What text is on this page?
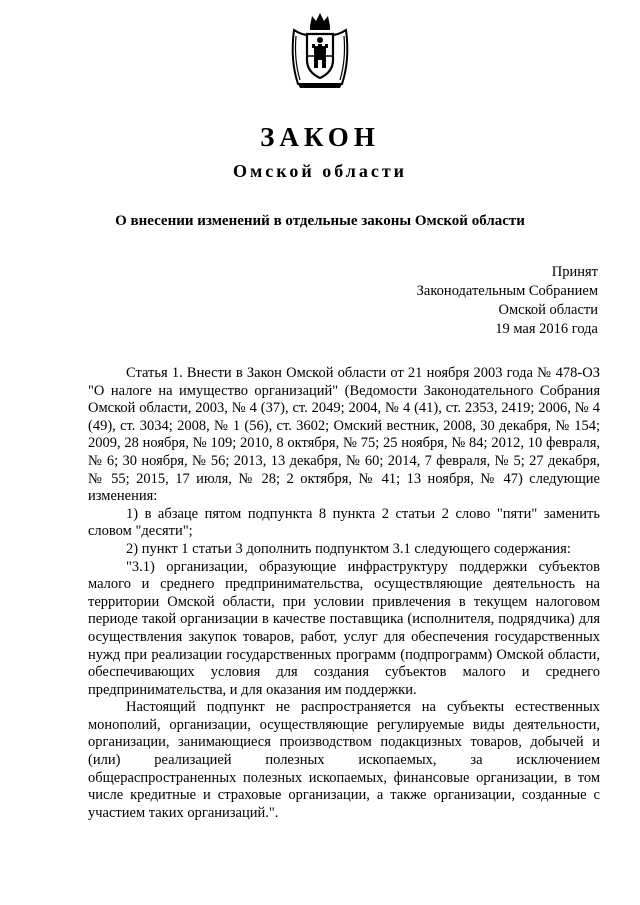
ЗАКОН
Омской области
О внесении изменений в отдельные законы Омской области
Принят
Законодательным Собранием
Омской области
19 мая 2016 года

Статья 1. Внести в Закон Омской области от 21 ноября 2003 года № 478-ОЗ "О налоге на имущество организаций" (Ведомости Законодательного Собрания Омской области, 2003, № 4 (37), ст. 2049; 2004, № 4 (41), ст. 2353, 2419; 2006, № 4 (49), ст. 3034; 2008, № 1 (56), ст. 3602; Омский вестник, 2008, 30 декабря, № 154; 2009, 28 ноября, № 109; 2010, 8 октября, № 75; 25 ноября, № 84; 2012, 10 февраля, № 6; 30 ноября, № 56; 2013, 13 декабря, № 60; 2014, 7 февраля, № 5; 27 декабря, № 55; 2015, 17 июля, № 28; 2 октября, № 41; 13 ноября, № 47) следующие изменения:

1) в абзаце пятом подпункта 8 пункта 2 статьи 2 слово "пяти" заменить словом "десяти";

2) пункт 1 статьи 3 дополнить подпунктом 3.1 следующего содержания:

"3.1) организации, образующие инфраструктуру поддержки субъектов малого и среднего предпринимательства, осуществляющие деятельность на территории Омской области, при условии привлечения в текущем налоговом периоде такой организации в качестве поставщика (исполнителя, подрядчика) для осуществления закупок товаров, работ, услуг для обеспечения государственных нужд при реализации государственных программ (подпрограмм) Омской области, обеспечивающих условия для создания субъектов малого и среднего предпринимательства, и для оказания им поддержки.

Настоящий подпункт не распространяется на субъекты естественных монополий, организации, осуществляющие регулируемые виды деятельности, организации, занимающиеся производством подакцизных товаров, добычей и (или) реализацией полезных ископаемых, за исключением общераспространенных полезных ископаемых, финансовые организации, в том числе кредитные и страховые организации, а также организации, созданные с участием таких организаций.".
